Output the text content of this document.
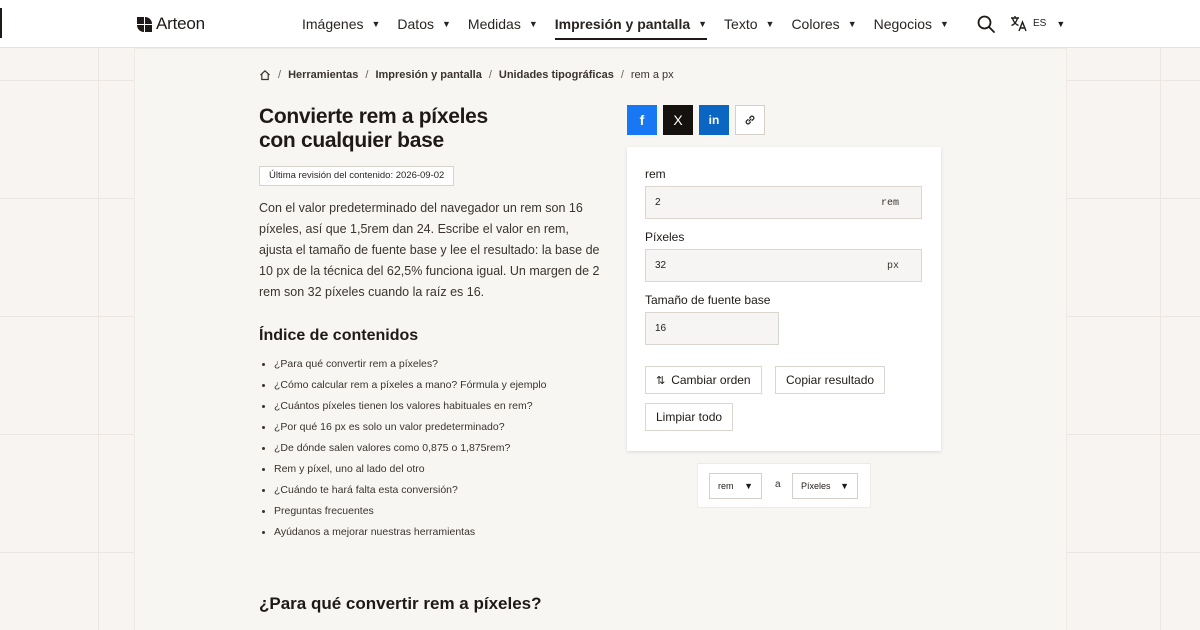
Arteon	Imágenes ▼ Datos ▼ Medidas ▼ Impresión y pantalla ▼ Texto ▼ Colores ▼ Negocios ▼	ES ▼
/ Herramientas / Impresión y pantalla / Unidades tipográficas / rem a px
Convierte rem a píxeles
con cualquier base
Última revisión del contenido: 2026-09-02

Con el valor predeterminado del navegador un rem son 16 píxeles, así que 1,5rem dan 24. Escribe el valor en rem, ajusta el tamaño de fuente base y lee el resultado: la base de 10 px de la técnica del 62,5% funciona igual. Un margen de 2 rem son 32 píxeles cuando la raíz es 16.

Índice de contenidos
¿Para qué convertir rem a píxeles?
¿Cómo calcular rem a píxeles a mano? Fórmula y ejemplo
¿Cuántos píxeles tienen los valores habituales en rem?
¿Por qué 16 px es solo un valor predeterminado?
¿De dónde salen valores como 0,875 o 1,875rem?
Rem y píxel, uno al lado del otro
¿Cuándo te hará falta esta conversión?
Preguntas frecuentes
Ayúdanos a mejorar nuestras herramientas
¿Para qué convertir rem a píxeles?
f X in
rem
2
rem
Píxeles
32
px
Tamaño de fuente base
16
⇅ Cambiar orden	Copiar resultado
Limpiar todo
rem ▼ a Píxeles ▼
